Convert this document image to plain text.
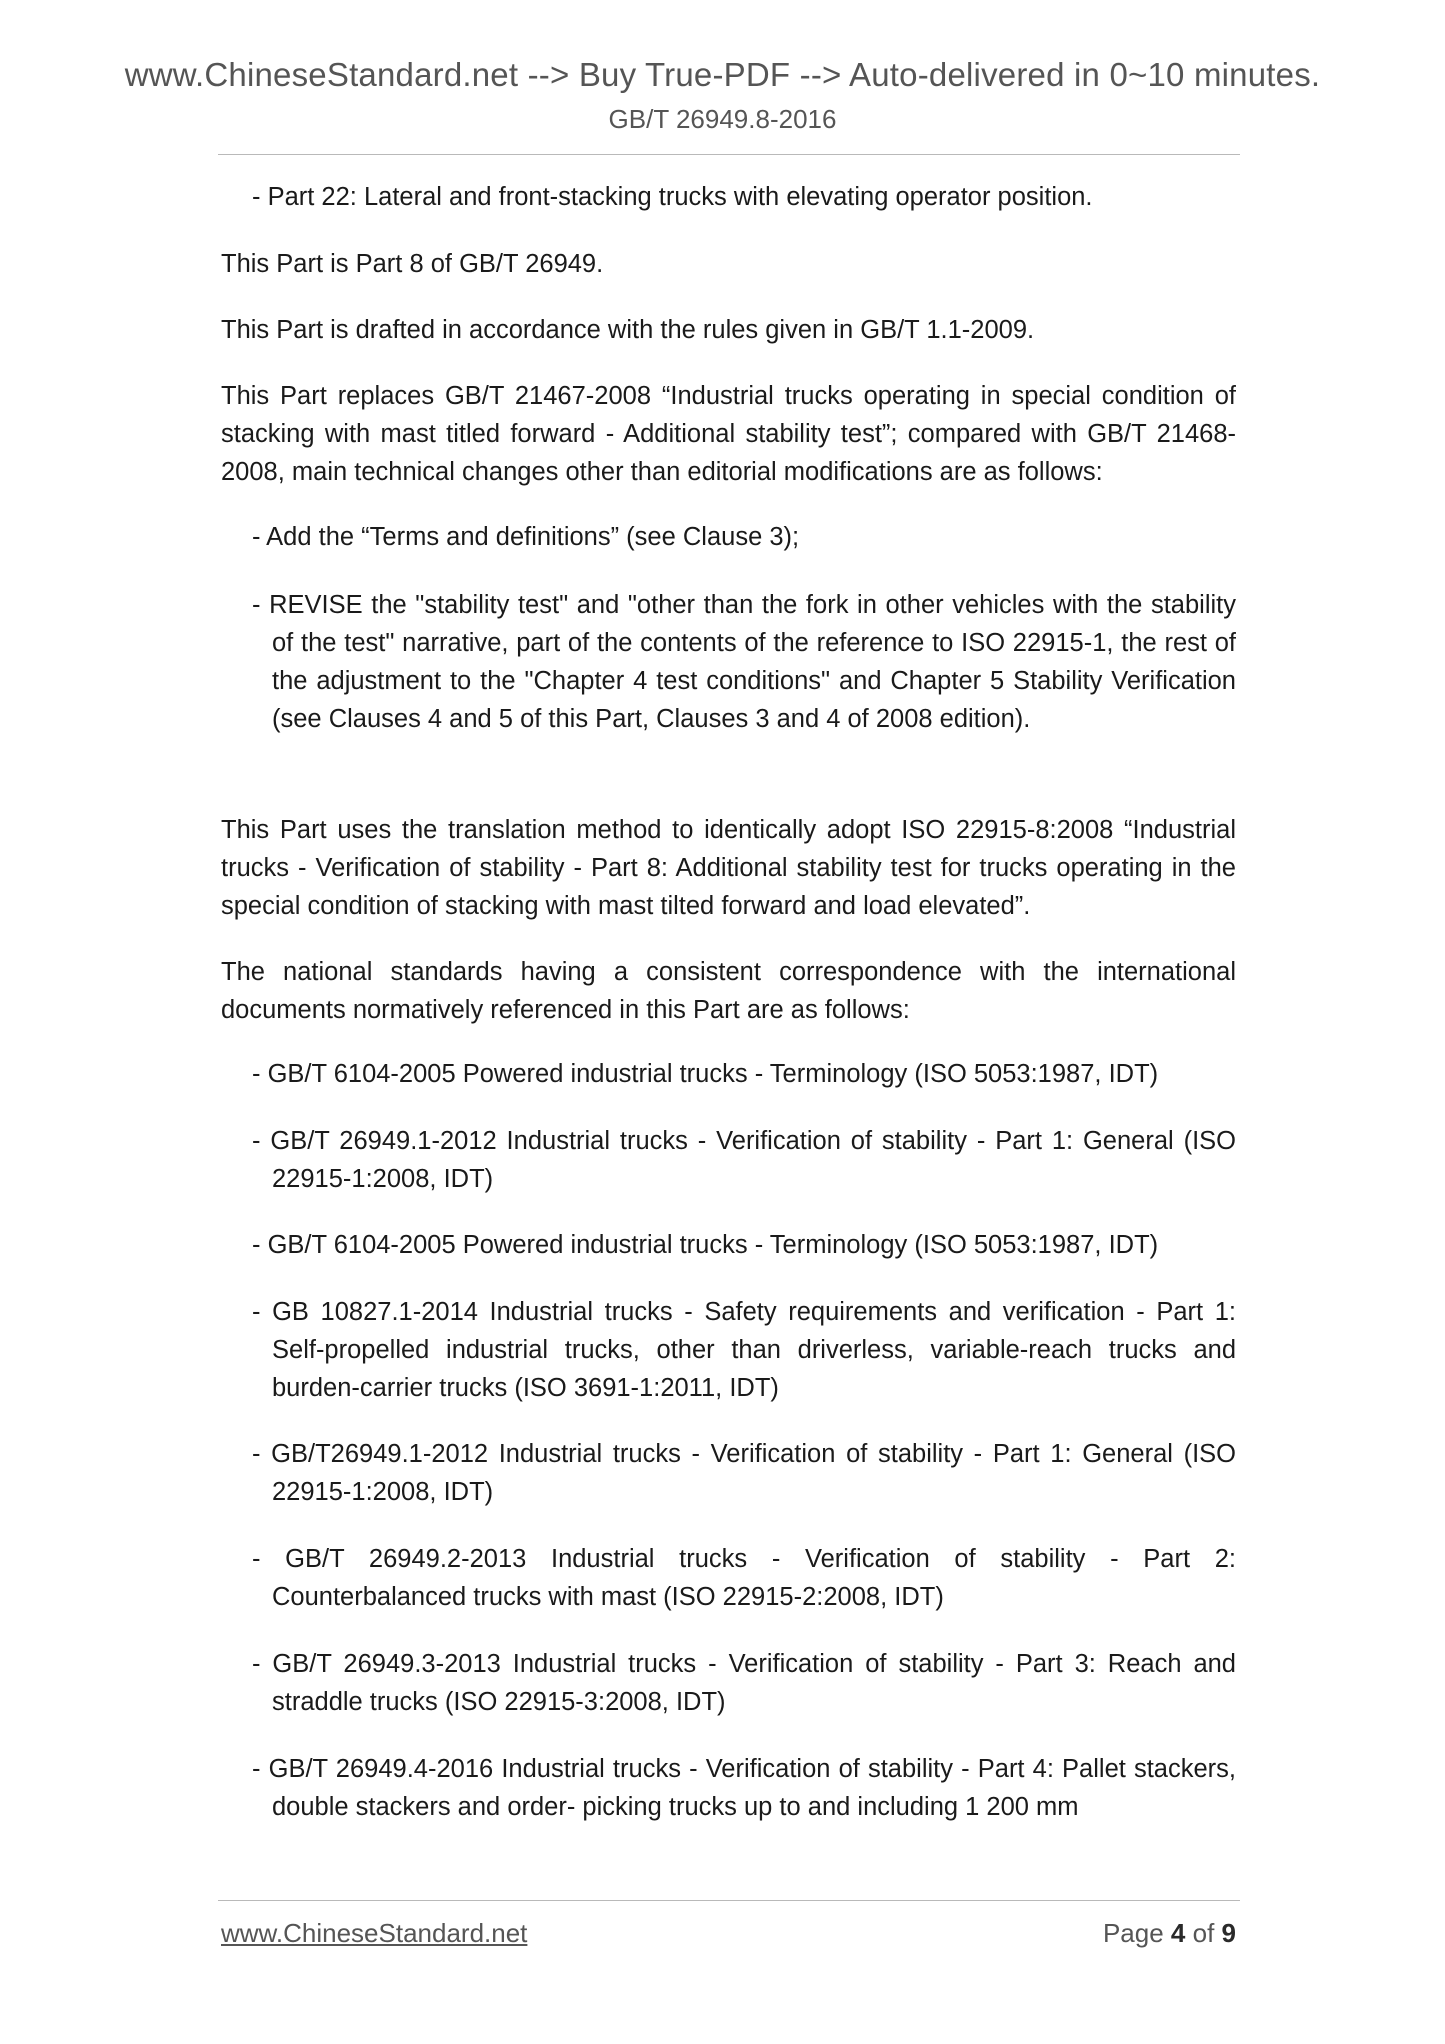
www.ChineseStandard.net --> Buy True-PDF --> Auto-delivered in 0~10 minutes.
GB/T 26949.8-2016

- Part 22: Lateral and front-stacking trucks with elevating operator position.

This Part is Part 8 of GB/T 26949.

This Part is drafted in accordance with the rules given in GB/T 1.1-2009.

This Part replaces GB/T 21467-2008 “Industrial trucks operating in special condition of stacking with mast titled forward - Additional stability test”; compared with GB/T 21468-2008, main technical changes other than editorial modifications are as follows:

- Add the “Terms and definitions” (see Clause 3);

- REVISE the "stability test" and "other than the fork in other vehicles with the stability of the test" narrative, part of the contents of the reference to ISO 22915-1, the rest of the adjustment to the "Chapter 4 test conditions" and Chapter 5 Stability Verification (see Clauses 4 and 5 of this Part, Clauses 3 and 4 of 2008 edition).

This Part uses the translation method to identically adopt ISO 22915-8:2008 “Industrial trucks - Verification of stability - Part 8: Additional stability test for trucks operating in the special condition of stacking with mast tilted forward and load elevated”.

The national standards having a consistent correspondence with the international documents normatively referenced in this Part are as follows:

- GB/T 6104-2005 Powered industrial trucks - Terminology (ISO 5053:1987, IDT)

- GB/T 26949.1-2012 Industrial trucks - Verification of stability - Part 1: General (ISO 22915-1:2008, IDT)

- GB/T 6104-2005 Powered industrial trucks - Terminology (ISO 5053:1987, IDT)

- GB 10827.1-2014 Industrial trucks - Safety requirements and verification - Part 1: Self-propelled industrial trucks, other than driverless, variable-reach trucks and burden-carrier trucks (ISO 3691-1:2011, IDT)

- GB/T26949.1-2012 Industrial trucks - Verification of stability - Part 1: General (ISO 22915-1:2008, IDT)

- GB/T 26949.2-2013 Industrial trucks - Verification of stability - Part 2: Counterbalanced trucks with mast (ISO 22915-2:2008, IDT)

- GB/T 26949.3-2013 Industrial trucks - Verification of stability - Part 3: Reach and straddle trucks (ISO 22915-3:2008, IDT)

- GB/T 26949.4-2016 Industrial trucks - Verification of stability - Part 4: Pallet stackers, double stackers and order- picking trucks up to and including 1 200 mm

www.ChineseStandard.net	Page 4 of 9
